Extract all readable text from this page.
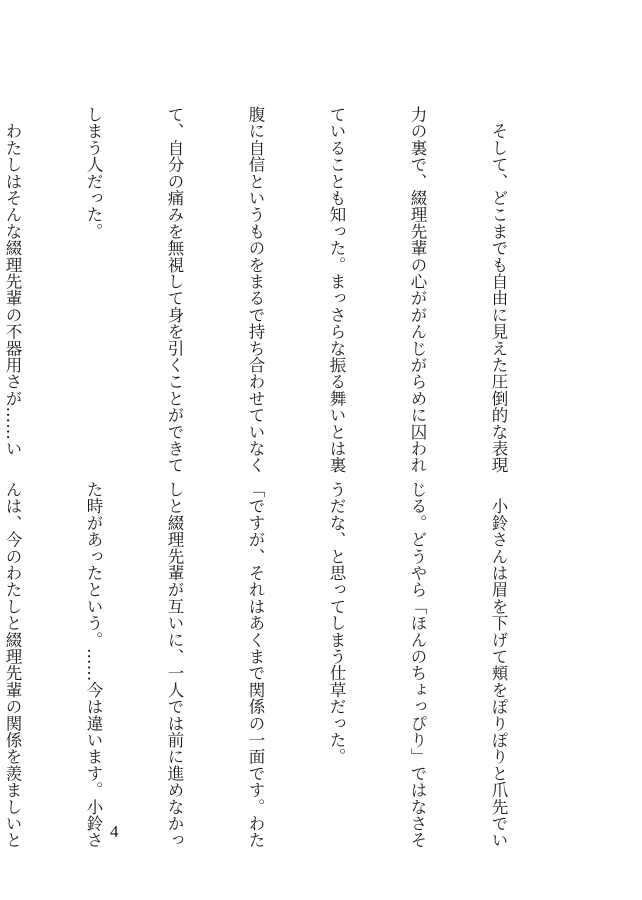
　そして、どこまでも自由に見えた圧倒的な表現

力の裏で、綴理先輩の心ががんじがらめに囚われ

ていることも知った。まっさらな振る舞いとは裏

腹に自信というものをまるで持ち合わせていなく

て、自分の痛みを無視して身を引くことができて

しまう人だった。

　わたしはそんな綴理先輩の不器用さが……い

　小鈴さんは眉を下げて頬をぽりぽりと爪先でい

じる。どうやら「ほんのちょっぴり」ではなさそ

うだな、と思ってしまう仕草だった。

「ですが、それはあくまで関係の一面です。わた

しと綴理先輩が互いに、一人では前に進めなかっ

た時があったという。……今は違います。小鈴さ

んは、今のわたしと綴理先輩の関係を羨ましいと

	4
